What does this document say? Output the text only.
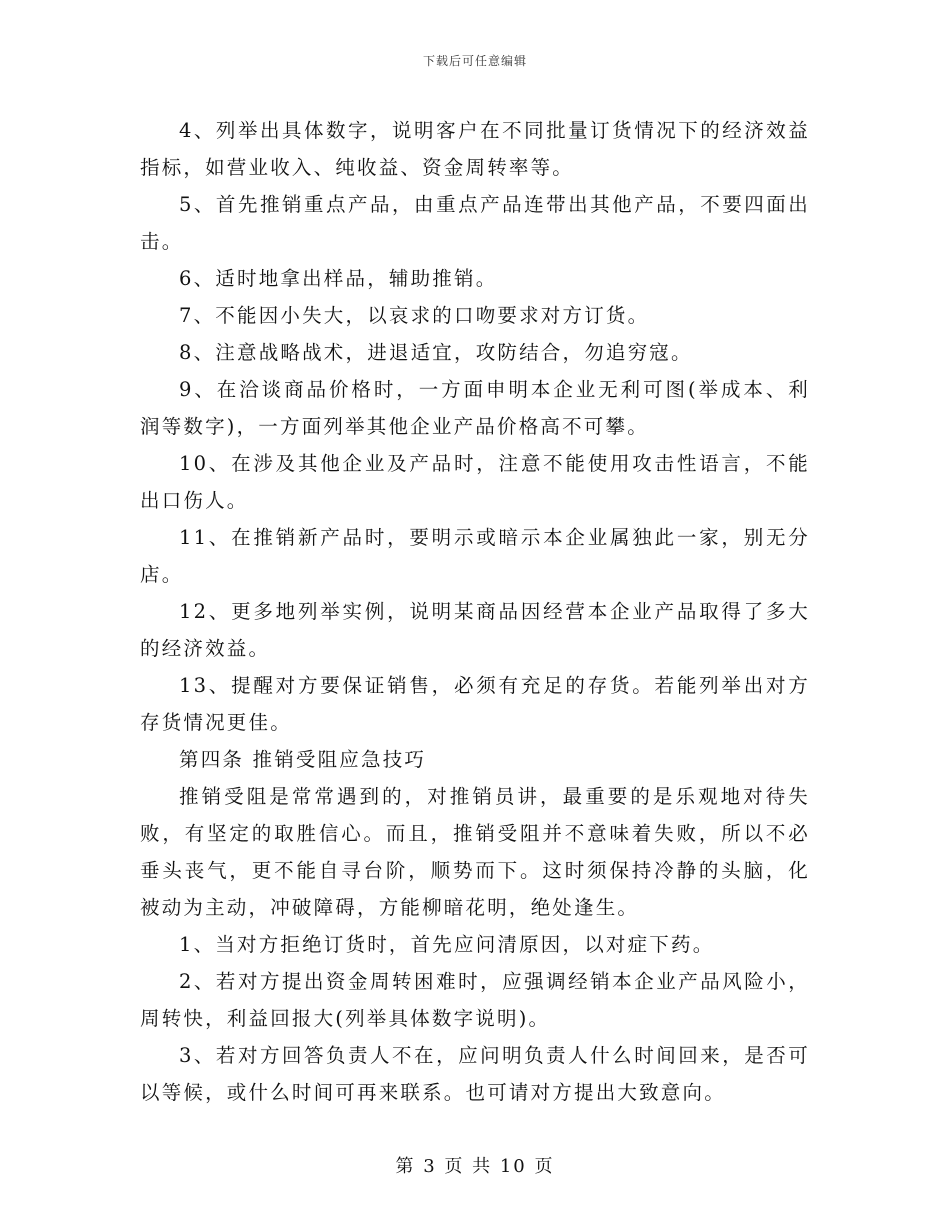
下载后可任意编辑

4、列举出具体数字，说明客户在不同批量订货情况下的经济效益指标，如营业收入、纯收益、资金周转率等。

5、首先推销重点产品，由重点产品连带出其他产品，不要四面出击。

6、适时地拿出样品，辅助推销。

7、不能因小失大，以哀求的口吻要求对方订货。

8、注意战略战术，进退适宜，攻防结合，勿追穷寇。

9、在洽谈商品价格时，一方面申明本企业无利可图(举成本、利润等数字)，一方面列举其他企业产品价格高不可攀。

10、在涉及其他企业及产品时，注意不能使用攻击性语言，不能出口伤人。

11、在推销新产品时，要明示或暗示本企业属独此一家，别无分店。

12、更多地列举实例，说明某商品因经营本企业产品取得了多大的经济效益。

13、提醒对方要保证销售，必须有充足的存货。若能列举出对方存货情况更佳。

第四条 推销受阻应急技巧

推销受阻是常常遇到的，对推销员讲，最重要的是乐观地对待失败，有坚定的取胜信心。而且，推销受阻并不意味着失败，所以不必垂头丧气，更不能自寻台阶，顺势而下。这时须保持冷静的头脑，化被动为主动，冲破障碍，方能柳暗花明，绝处逢生。

1、当对方拒绝订货时，首先应问清原因，以对症下药。

2、若对方提出资金周转困难时，应强调经销本企业产品风险小，周转快，利益回报大(列举具体数字说明)。

3、若对方回答负责人不在，应问明负责人什么时间回来，是否可以等候，或什么时间可再来联系。也可请对方提出大致意向。

第 3 页 共 10 页
